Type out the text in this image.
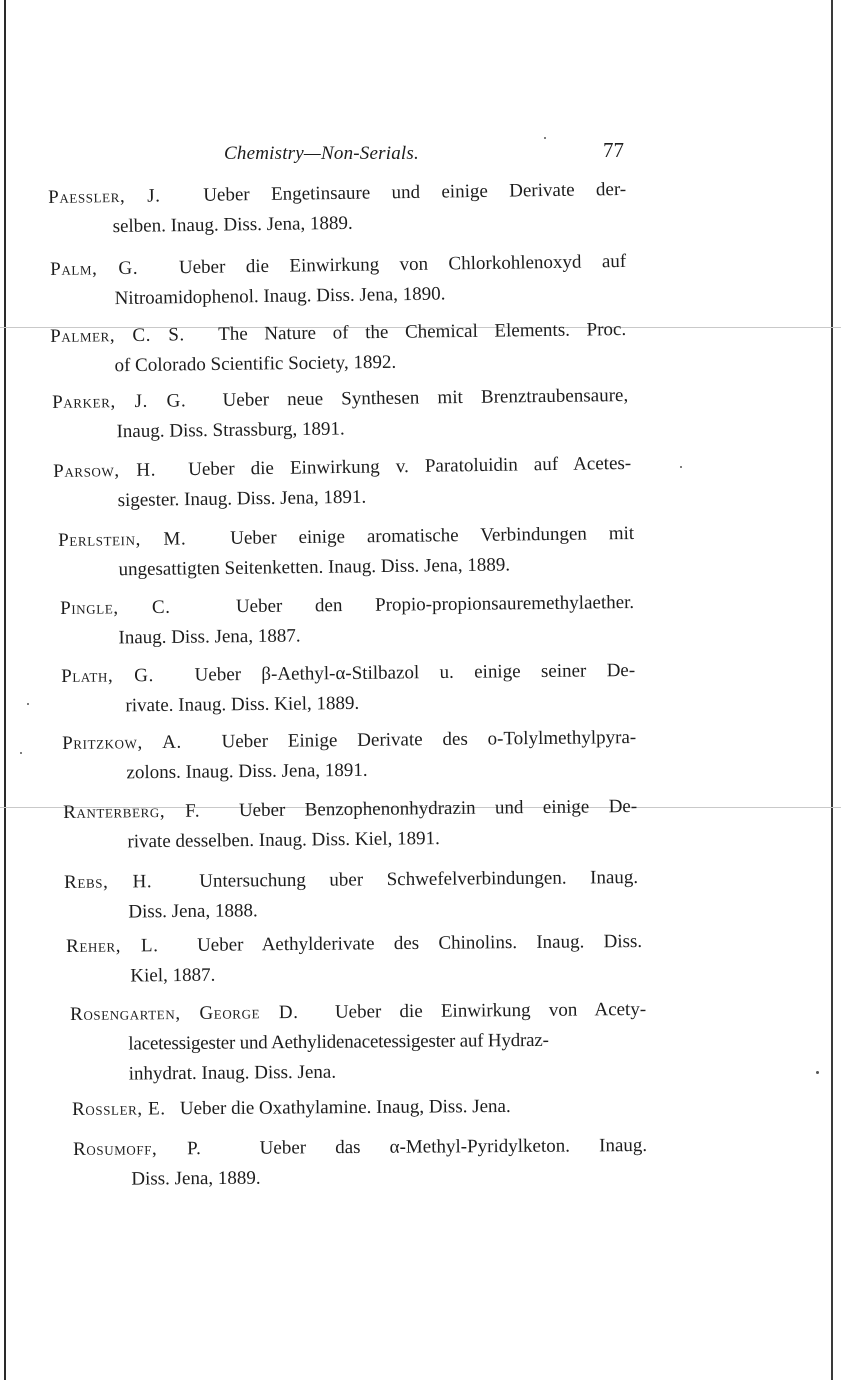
Chemistry—Non-Serials.	77
Paessler, J. Ueber Engetinsaure und einige Derivate der-
selben. Inaug. Diss. Jena, 1889.
Palm, G. Ueber die Einwirkung von Chlorkohlenoxyd auf
Nitroamidophenol. Inaug. Diss. Jena, 1890.
Palmer, C. S. The Nature of the Chemical Elements. Proc.
of Colorado Scientific Society, 1892.
Parker, J. G. Ueber neue Synthesen mit Brenztraubensaure,
Inaug. Diss. Strassburg, 1891.
Parsow, H. Ueber die Einwirkung v. Paratoluidin auf Acetes-
sigester. Inaug. Diss. Jena, 1891.
Perlstein, M. Ueber einige aromatische Verbindungen mit
ungesattigten Seitenketten. Inaug. Diss. Jena, 1889.
Pingle, C.	Ueber den Propio-propionsauremethylaether.
Inaug. Diss. Jena, 1887.
Plath, G. Ueber β-Aethyl-α-Stilbazol u. einige seiner De-
rivate. Inaug. Diss. Kiel, 1889.
Pritzkow, A. Ueber Einige Derivate des o-Tolylmethylpyra-
zolons. Inaug. Diss. Jena, 1891.
Ranterberg, F. Ueber Benzophenonhydrazin und einige De-
rivate desselben. Inaug. Diss. Kiel, 1891.
Rebs, H. Untersuchung uber Schwefelverbindungen. Inaug.
Diss. Jena, 1888.
Reher, L. Ueber Aethylderivate des Chinolins. Inaug. Diss.
Kiel, 1887.
Rosengarten, George D. Ueber die Einwirkung von Acety-
lacetessigester und Aethylidenacetessigester auf Hydraz-
inhydrat. Inaug. Diss. Jena.
Rossler, E. Ueber die Oxathylamine. Inaug, Diss. Jena.
Rosumoff, P.	Ueber das α-Methyl-Pyridylketon. Inaug.
Diss. Jena, 1889.
